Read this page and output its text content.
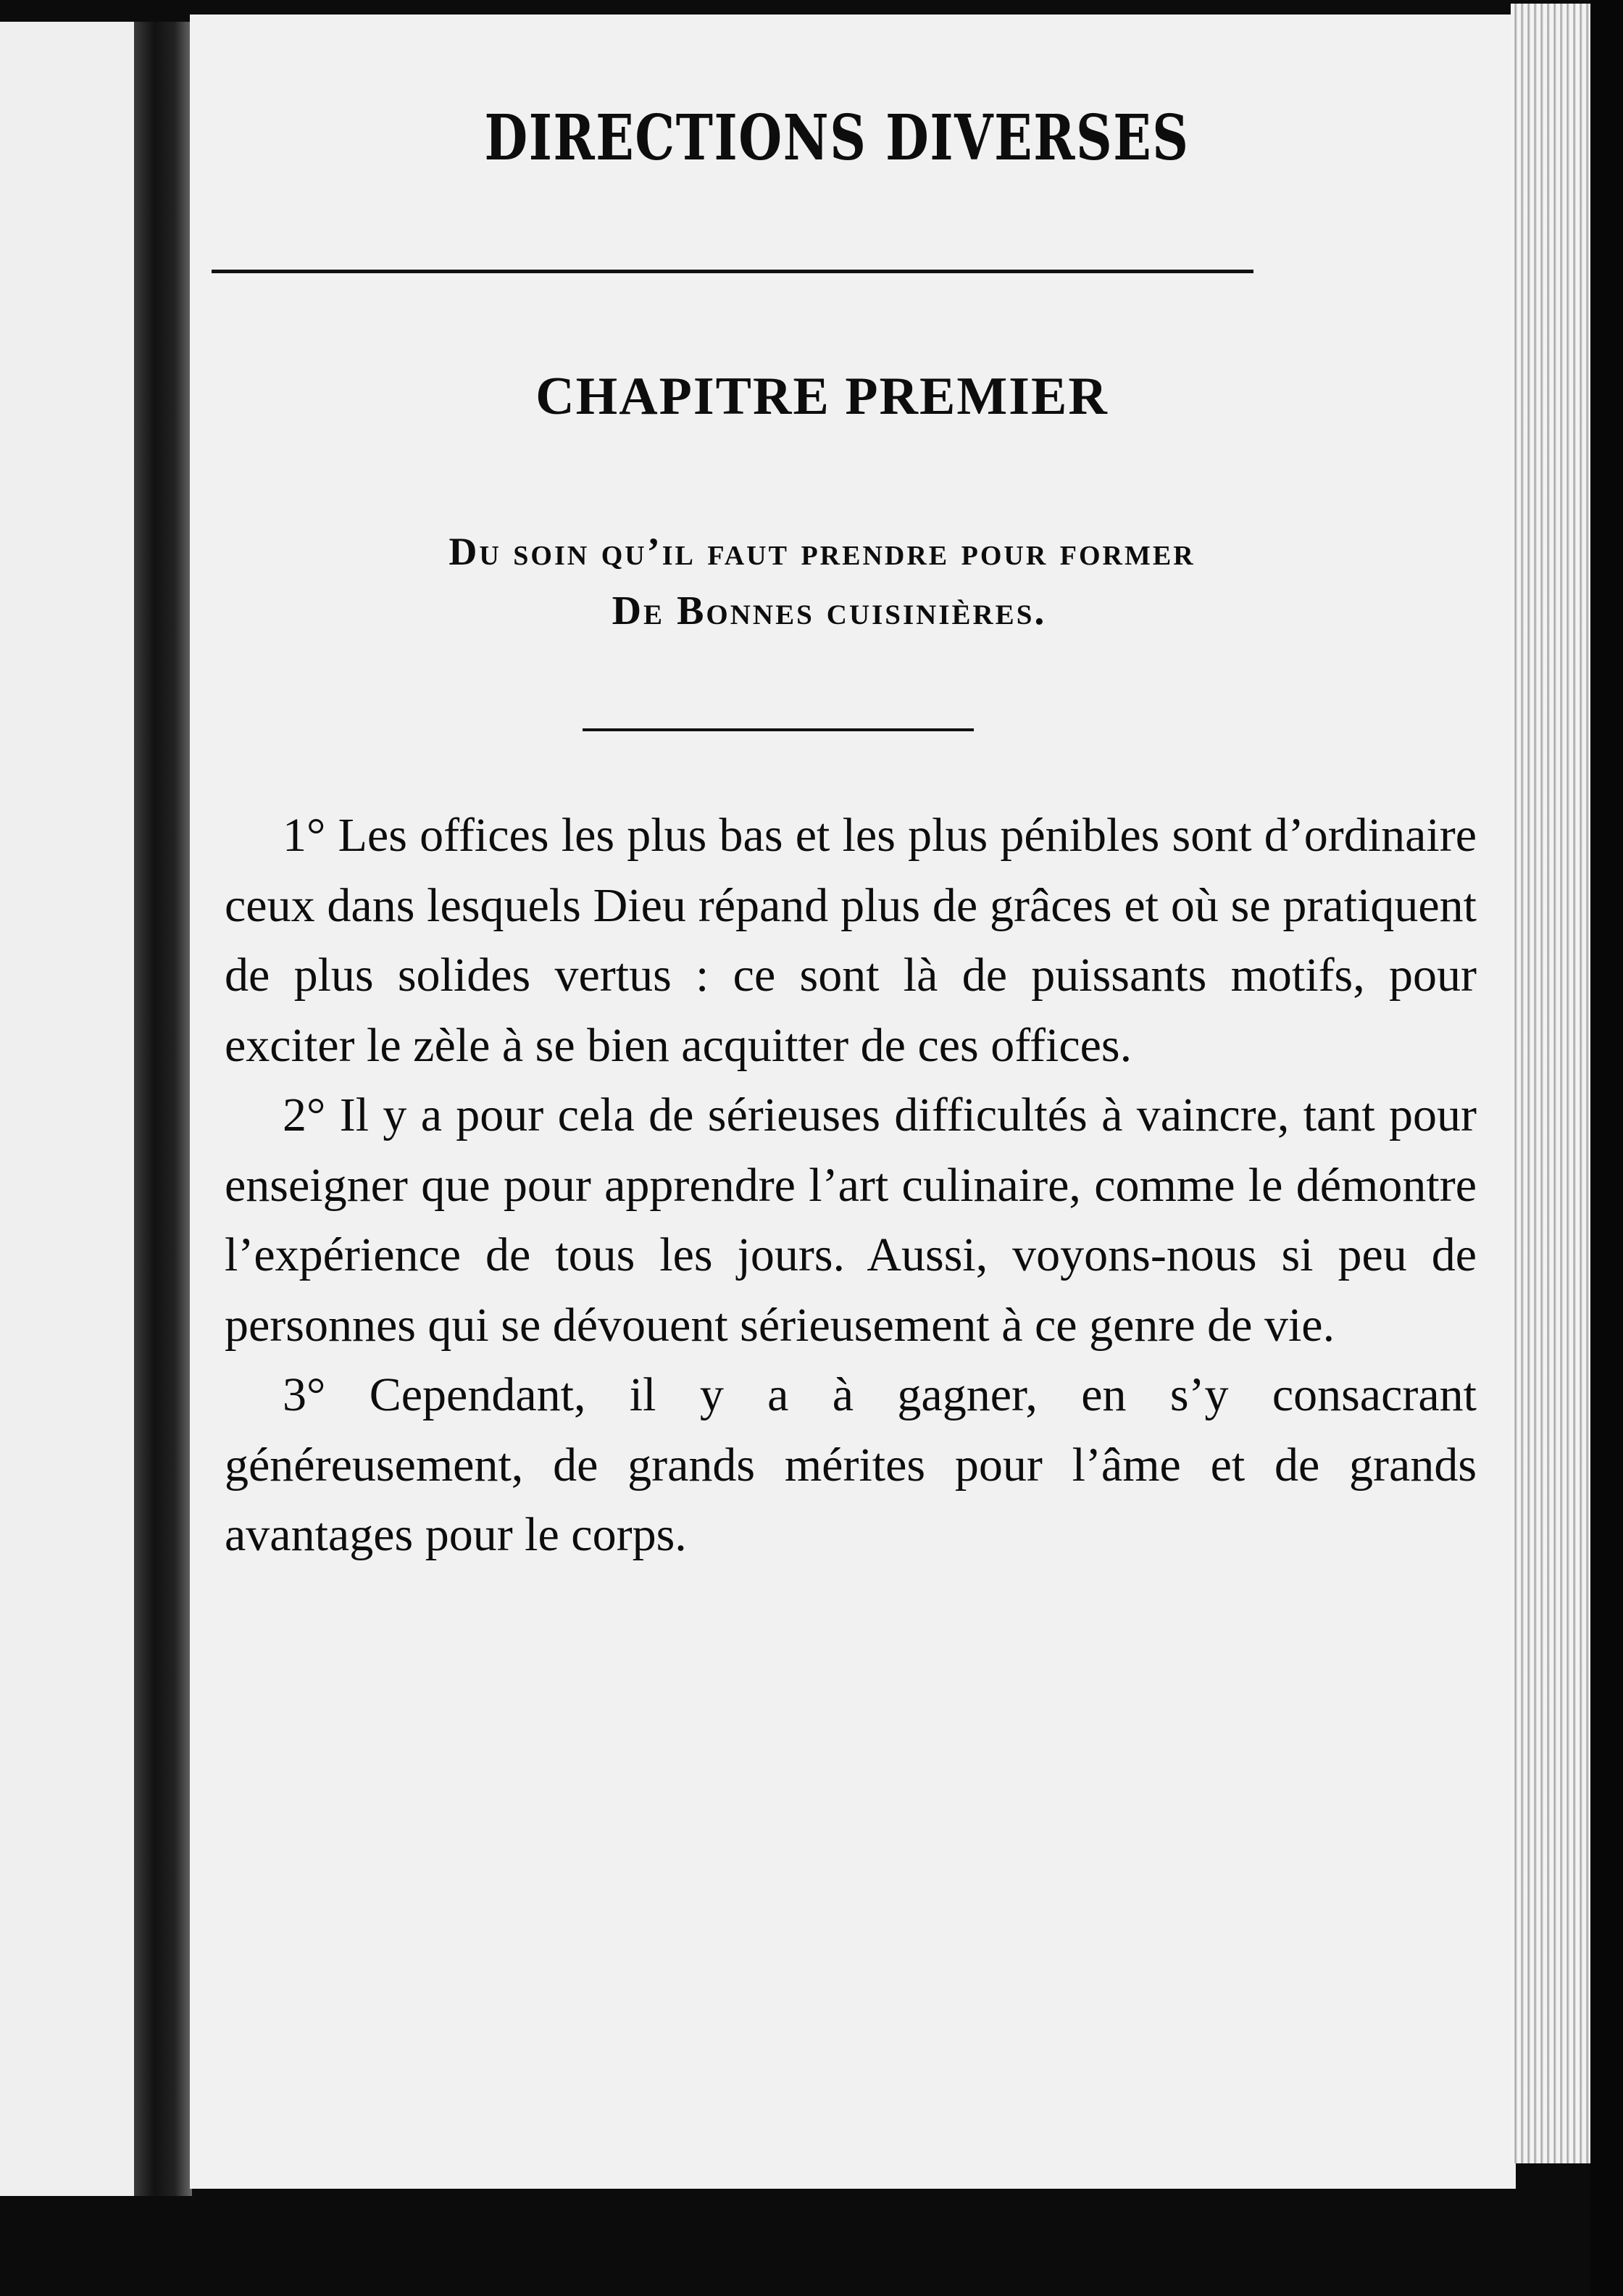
DIRECTIONS DIVERSES
CHAPITRE PREMIER
Du soin qu’il faut prendre pour former
De Bonnes cuisinières.

1° Les offices les plus bas et les plus pénibles sont d’ordinaire ceux dans lesquels Dieu répand plus de grâces et où se pratiquent de plus solides vertus : ce sont là de puissants motifs, pour exciter le zèle à se bien acquitter de ces offices.

2° Il y a pour cela de sérieuses difficultés à vaincre, tant pour enseigner que pour apprendre l’art culinaire, comme le démontre l’expérience de tous les jours. Aussi, voyons-nous si peu de personnes qui se dévouent sérieusement à ce genre de vie.

3° Cependant, il y a à gagner, en s’y consacrant généreusement, de grands mérites pour l’âme et de grands avantages pour le corps.
